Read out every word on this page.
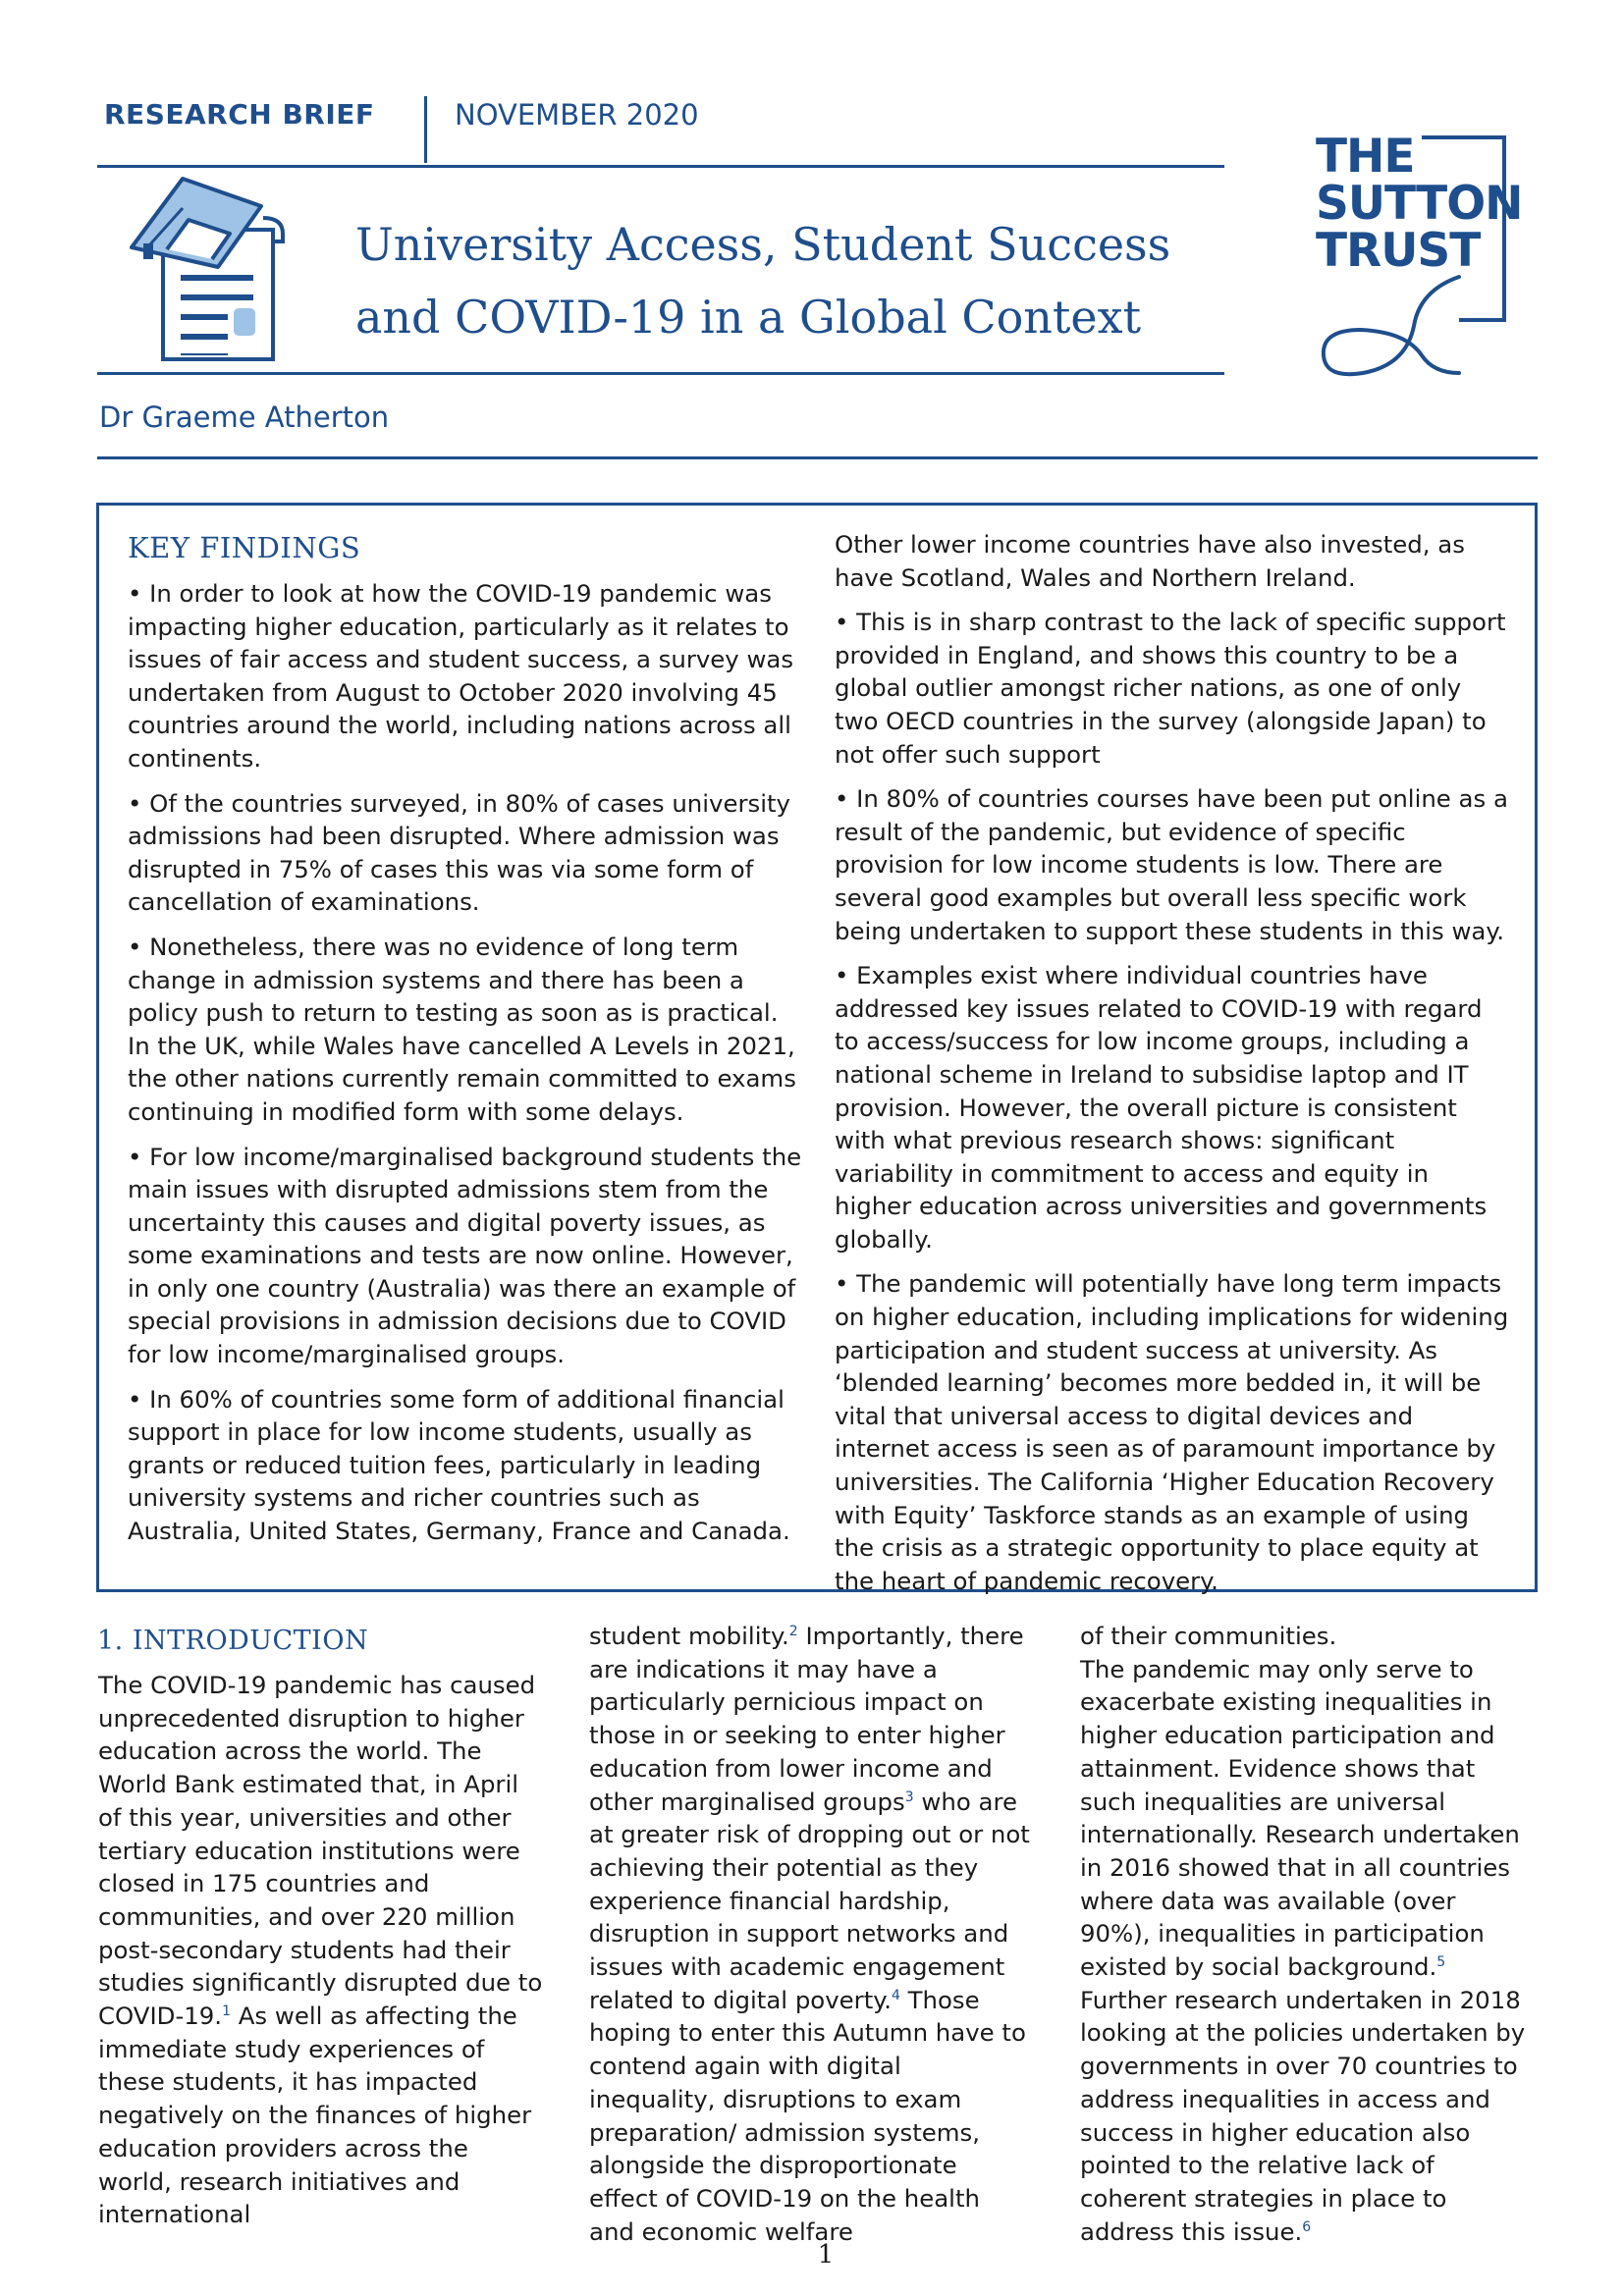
RESEARCH BRIEF	NOVEMBER 2020
University Access, Student Success
and COVID-19 in a Global Context
Dr Graeme Atherton
THE
SUTTON
TRUST
KEY FINDINGS

• In order to look at how the COVID-19 pandemic was impacting higher education, particularly as it relates to issues of fair access and student success, a survey was undertaken from August to October 2020 involving 45 countries around the world, including nations across all continents.

• Of the countries surveyed, in 80% of cases university admissions had been disrupted. Where admission was disrupted in 75% of cases this was via some form of cancellation of examinations.

• Nonetheless, there was no evidence of long term change in admission systems and there has been a policy push to return to testing as soon as is practical. In the UK, while Wales have cancelled A Levels in 2021, the other nations currently remain committed to exams continuing in modified form with some delays.

• For low income/marginalised background students the main issues with disrupted admissions stem from the uncertainty this causes and digital poverty issues, as some examinations and tests are now online. However, in only one country (Australia) was there an example of special provisions in admission decisions due to COVID for low income/marginalised groups.

• In 60% of countries some form of additional financial support in place for low income students, usually as grants or reduced tuition fees, particularly in leading university systems and richer countries such as Australia, United States, Germany, France and Canada.

Other lower income countries have also invested, as have Scotland, Wales and Northern Ireland.

• This is in sharp contrast to the lack of specific support provided in England, and shows this country to be a global outlier amongst richer nations, as one of only two OECD countries in the survey (alongside Japan) to not offer such support

• In 80% of countries courses have been put online as a result of the pandemic, but evidence of specific provision for low income students is low. There are several good examples but overall less specific work being undertaken to support these students in this way.

• Examples exist where individual countries have addressed key issues related to COVID-19 with regard to access/success for low income groups, including a national scheme in Ireland to subsidise laptop and IT provision. However, the overall picture is consistent with what previous research shows: significant variability in commitment to access and equity in higher education across universities and governments globally.

• The pandemic will potentially have long term impacts on higher education, including implications for widening participation and student success at university. As ‘blended learning’ becomes more bedded in, it will be vital that universal access to digital devices and internet access is seen as of paramount importance by universities. The California ‘Higher Education Recovery with Equity’ Taskforce stands as an example of using the crisis as a strategic opportunity to place equity at the heart of pandemic recovery.

1. INTRODUCTION

The COVID-19 pandemic has caused unprecedented disruption to higher education across the world. The World Bank estimated that, in April of this year, universities and other tertiary education institutions were closed in 175 countries and communities, and over 220 million post-secondary students had their studies significantly disrupted due to COVID-19.$^1$ As well as affecting the immediate study experiences of these students, it has impacted negatively on the finances of higher education providers across the world, research initiatives and international

student mobility.$^2$ Importantly, there are indications it may have a particularly pernicious impact on those in or seeking to enter higher education from lower income and other marginalised groups$^3$ who are at greater risk of dropping out or not achieving their potential as they experience financial hardship, disruption in support networks and issues with academic engagement related to digital poverty.$^4$ Those hoping to enter this Autumn have to contend again with digital inequality, disruptions to exam preparation/ admission systems, alongside the disproportionate effect of COVID-19 on the health and economic welfare

of their communities.

The pandemic may only serve to exacerbate existing inequalities in higher education participation and attainment. Evidence shows that such inequalities are universal internationally. Research undertaken in 2016 showed that in all countries where data was available (over 90%), inequalities in participation existed by social background.$^5$ Further research undertaken in 2018 looking at the policies undertaken by governments in over 70 countries to address inequalities in access and success in higher education also pointed to the relative lack of coherent strategies in place to address this issue.$^6$

1
